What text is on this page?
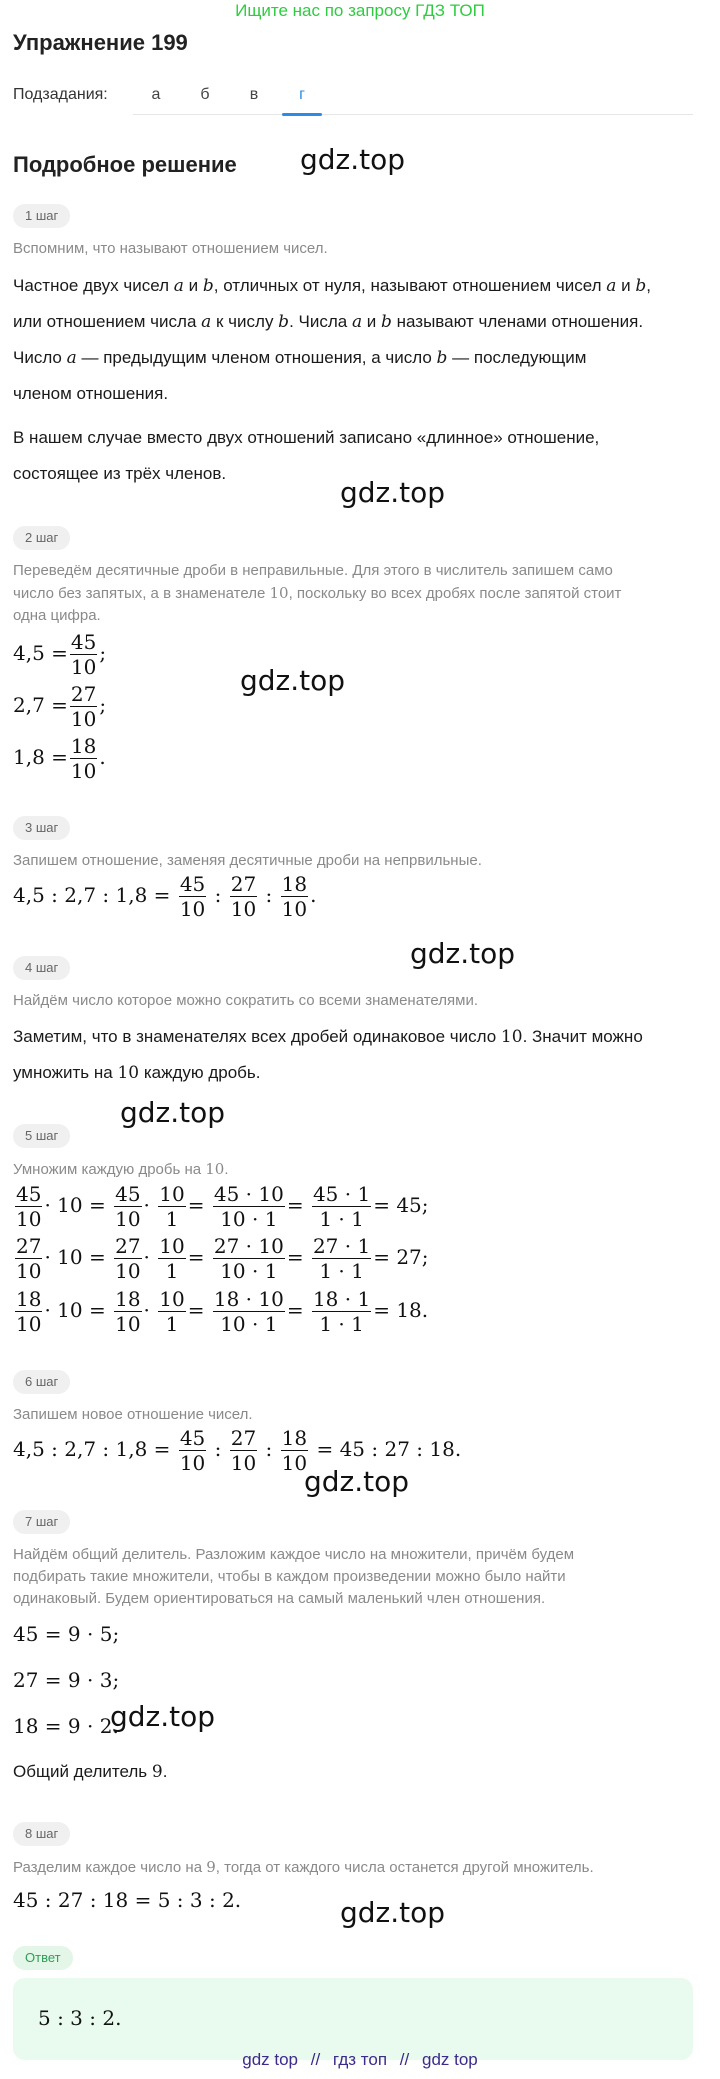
Ищите нас по запросу ГДЗ ТОП
Упражнение 199
Подзадания:	а	б	в	г
Подробное решение gdz.top
1 шаг
Вспомним, что называют отношением чисел.
Частное двух чисел a и b, отличных от нуля, называют отношением чисел a и b,
или отношением числа a к числу b. Числа a и b называют членами отношения.
Число a — предыдущим членом отношения, а число b — последующим
членом отношения.
В нашем случае вместо двух отношений записано «длинное» отношение,
состоящее из трёх членов.
gdz.top
2 шаг
Переведём десятичные дроби в неправильные. Для этого в числитель запишем само
число без запятых, а в знаменателе 10, поскольку во всех дробях после запятой стоит
одна цифра.
$4,5 = \frac{45}{10}$ ;
$2,7 = \frac{27}{10}$ ;
$1,8 = \frac{18}{10}$ .
gdz.top
3 шаг
Запишем отношение, заменяя десятичные дроби на непрвильные.
4,5 : 2,7 : $1,8 = \frac{45}{10}$ : $\frac{27}{10}$ : $\frac{18}{10}$ .
gdz.top
4 шаг
Найдём число которое можно сократить со всеми знаменателями.
Заметим, что в знаменателях всех дробей одинаковое число 10. Значит можно
умножить на 10 каждую дробь.
gdz.top
5 шаг
Умножим каждую дробь на 10.
$\frac{45}{10} \cdot 10 = \frac{45}{10} \cdot \frac{10}{1} = \frac{45 \cdot 10}{10 \cdot 1} = \frac{45 \cdot 1}{1 \cdot 1} = 45$;
$\frac{27}{10} \cdot 10 = \frac{27}{10} \cdot \frac{10}{1} = \frac{27 \cdot 10}{10 \cdot 1} = \frac{27 \cdot 1}{1 \cdot 1} = 27$;
$\frac{18}{10} \cdot 10 = \frac{18}{10} \cdot \frac{10}{1} = \frac{18 \cdot 10}{10 \cdot 1} = \frac{18 \cdot 1}{1 \cdot 1} = 18$.
6 шаг
Запишем новое отношение чисел.
4,5 : 2,7 : $1,8 = \frac{45}{10}$ : $\frac{27}{10}$ : $\frac{18}{10} = 45$ : 27 : 18.
gdz.top
7 шаг
Найдём общий делитель. Разложим каждое число на множители, причём будем
подбирать такие множители, чтобы в каждом произведении можно было найти
одинаковый. Будем ориентироваться на самый маленький член отношения.
45 = 9 · 5;
27 = 9 · 3;
18 = 9 · 2.
gdz.top
Общий делитель 9.
8 шаг
Разделим каждое число на 9, тогда от каждого числа останется другой множитель.
45 : 27 : 18 = 5 : 3 : 2.	gdz.top
Ответ
5 : 3 : 2.
gdz top // гдз топ // gdz top
